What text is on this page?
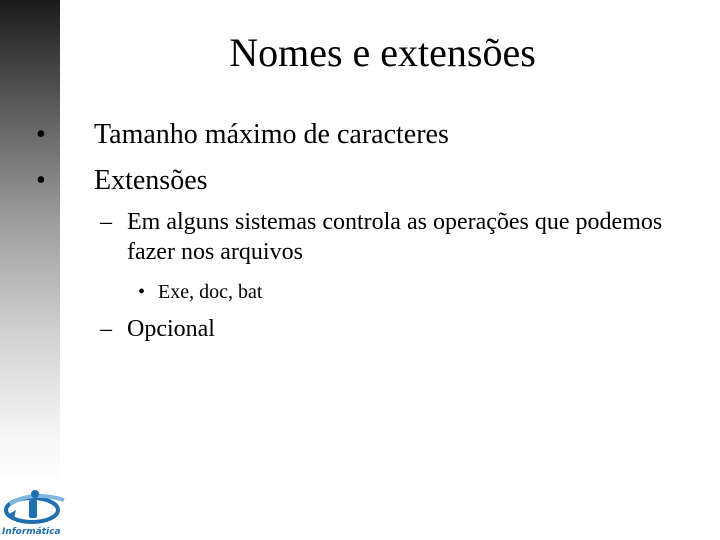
Nomes e extensões
• Tamanho máximo de caracteres
• Extensões
– Em alguns sistemas controla as operações que podemos fazer nos arquivos
• Exe, doc, bat
– Opcional
Informática
